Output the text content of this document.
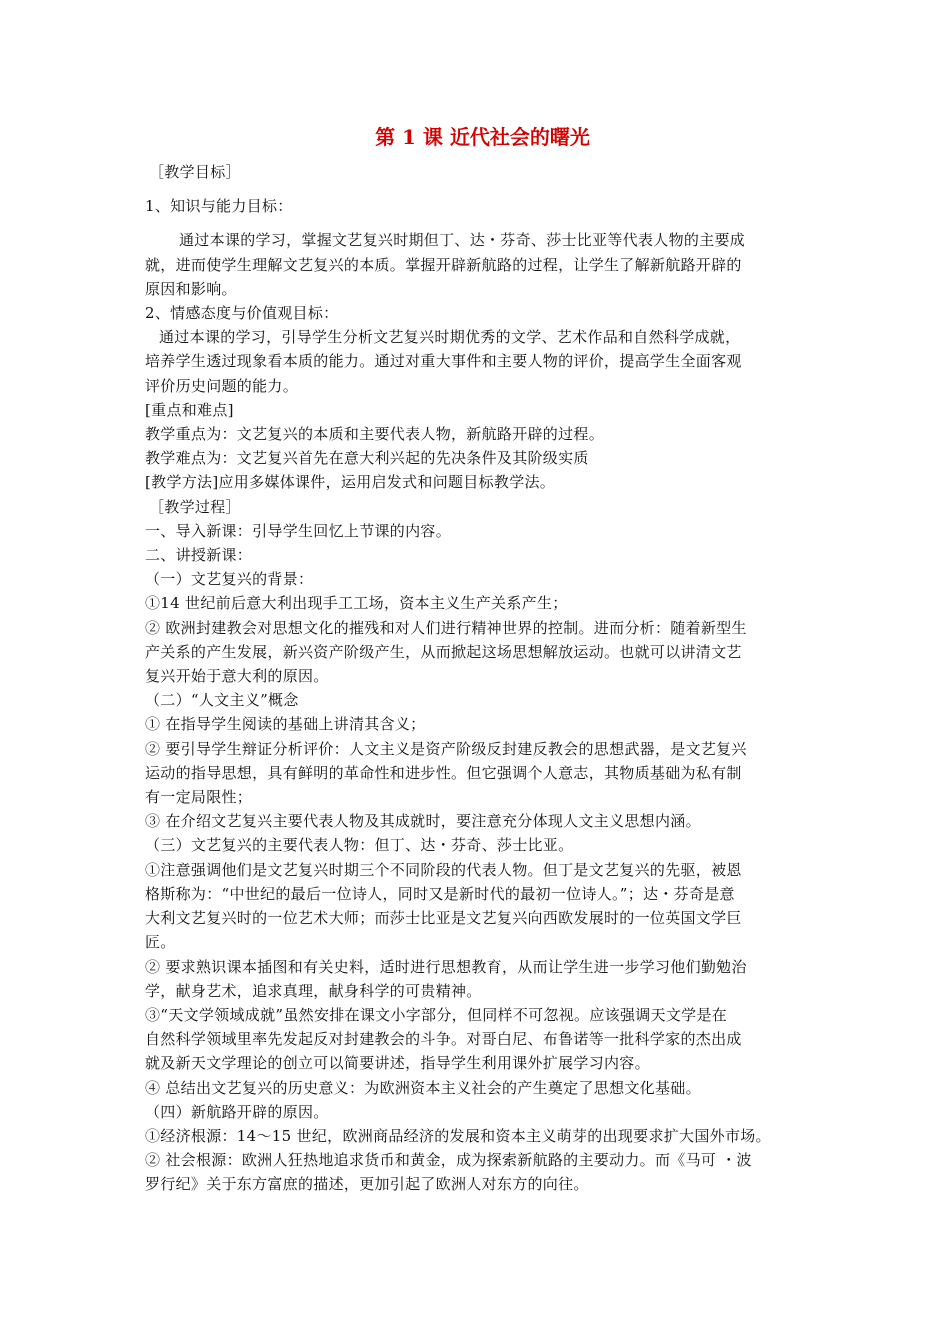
第 1 课 近代社会的曙光
［教学目标］
1、知识与能力目标：
通过本课的学习，掌握文艺复兴时期但丁、达・芬奇、莎士比亚等代表人物的主要成
就，进而使学生理解文艺复兴的本质。掌握开辟新航路的过程，让学生了解新航路开辟的
原因和影响。
2、情感态度与价值观目标：
通过本课的学习，引导学生分析文艺复兴时期优秀的文学、艺术作品和自然科学成就，
培养学生透过现象看本质的能力。通过对重大事件和主要人物的评价，提高学生全面客观
评价历史问题的能力。
[重点和难点]
教学重点为：文艺复兴的本质和主要代表人物，新航路开辟的过程。
教学难点为：文艺复兴首先在意大利兴起的先决条件及其阶级实质
[教学方法]应用多媒体课件，运用启发式和问题目标教学法。
［教学过程］
一、导入新课：引导学生回忆上节课的内容。
二、讲授新课：
（一）文艺复兴的背景：
①14 世纪前后意大利出现手工工场，资本主义生产关系产生；
② 欧洲封建教会对思想文化的摧残和对人们进行精神世界的控制。进而分析：随着新型生
产关系的产生发展，新兴资产阶级产生，从而掀起这场思想解放运动。也就可以讲清文艺
复兴开始于意大利的原因。
（二）“人文主义”概念
① 在指导学生阅读的基础上讲清其含义；
② 要引导学生辩证分析评价：人文主义是资产阶级反封建反教会的思想武器，是文艺复兴
运动的指导思想，具有鲜明的革命性和进步性。但它强调个人意志，其物质基础为私有制
有一定局限性；
③ 在介绍文艺复兴主要代表人物及其成就时，要注意充分体现人文主义思想内涵。
（三）文艺复兴的主要代表人物：但丁、达・芬奇、莎士比亚。
①注意强调他们是文艺复兴时期三个不同阶段的代表人物。但丁是文艺复兴的先驱，被恩
格斯称为：“中世纪的最后一位诗人，同时又是新时代的最初一位诗人。”；达・芬奇是意
大利文艺复兴时的一位艺术大师；而莎士比亚是文艺复兴向西欧发展时的一位英国文学巨
匠。
② 要求熟识课本插图和有关史料，适时进行思想教育，从而让学生进一步学习他们勤勉治
学，献身艺术，追求真理，献身科学的可贵精神。
③“天文学领域成就”虽然安排在课文小字部分，但同样不可忽视。应该强调天文学是在
自然科学领域里率先发起反对封建教会的斗争。对哥白尼、布鲁诺等一批科学家的杰出成
就及新天文学理论的创立可以简要讲述，指导学生利用课外扩展学习内容。
④ 总结出文艺复兴的历史意义：为欧洲资本主义社会的产生奠定了思想文化基础。
（四）新航路开辟的原因。
①经济根源：14～15 世纪，欧洲商品经济的发展和资本主义萌芽的出现要求扩大国外市场。
② 社会根源：欧洲人狂热地追求货币和黄金，成为探索新航路的主要动力。而《马可 ・波
罗行纪》关于东方富庶的描述，更加引起了欧洲人对东方的向往。
